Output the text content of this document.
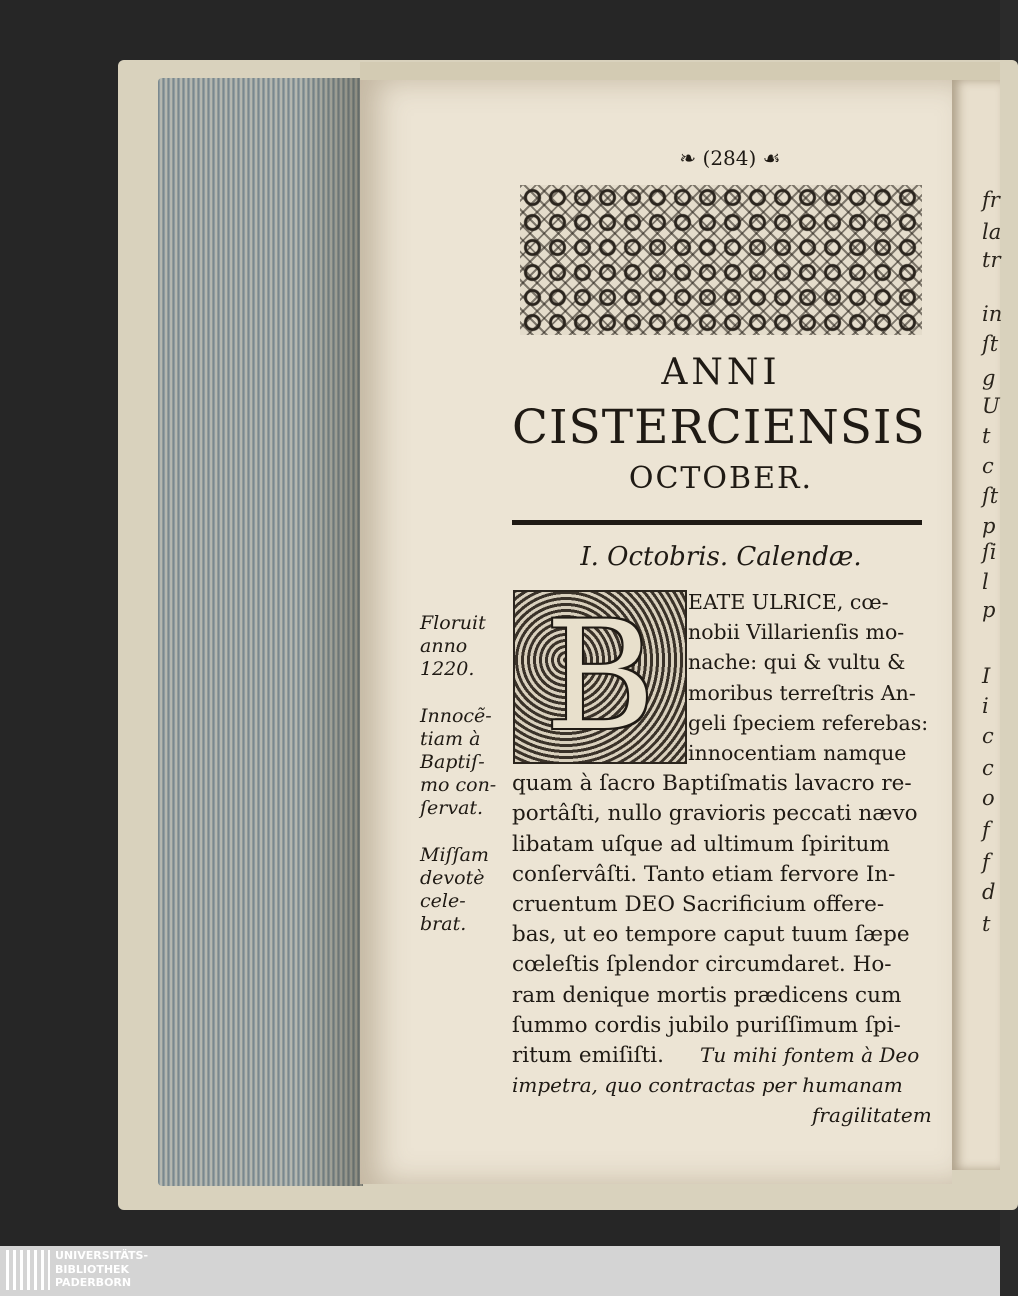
fr
la
tr
in
ſt
g
U
t
c
ſt
p
ſi
l
p
I
i
c
c
o
f
f
d
t
❧ (284) ☙
ANNI
CISTERCIENSIS
OCTOBER.
I. Octobris. Calendæ.
B
Floruit
anno
1220.
Innocẽ-
tiam à
Baptiſ-
mo con-
ſervat.
Miſſam
devotè
cele-
brat.
EATE ULRICE, cœ-
nobii Villarienſis mo-
nache: qui & vultu &
moribus terreſtris An-
geli ſpeciem referebas:
innocentiam namque
quam à ſacro Baptiſmatis lavacro re-
portâſti, nullo gravioris peccati nævo
libatam uſque ad ultimum ſpiritum
conſervâſti. Tanto etiam fervore In-
cruentum DEO Sacrificium offere-
bas, ut eo tempore caput tuum ſæpe
cœleſtis ſplendor circumdaret. Ho-
ram denique mortis prædicens cum
ſummo cordis jubilo puriſſimum ſpi-
ritum emiſiſti. Tu mihi fontem à Deo
impetra, quo contractas per humanam
fragilitatem
UNIVERSITÄTS-
BIBLIOTHEK
PADERBORN
